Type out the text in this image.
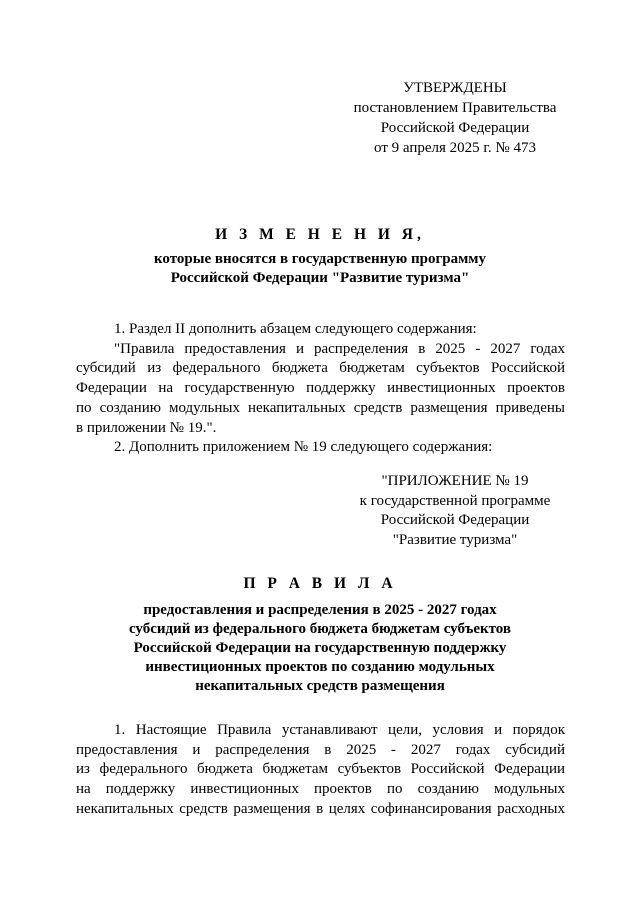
УТВЕРЖДЕНЫ
постановлением Правительства
Российской Федерации
от 9 апреля 2025 г. № 473
И З М Е Н Е Н И Я,
которые вносятся в государственную программу
Российской Федерации "Развитие туризма"
1. Раздел II дополнить абзацем следующего содержания:
"Правила предоставления и распределения в 2025 - 2027 годах
субсидий из федерального бюджета бюджетам субъектов Российской
Федерации на государственную поддержку инвестиционных проектов
по созданию модульных некапитальных средств размещения приведены
в приложении № 19.".
2. Дополнить приложением № 19 следующего содержания:
"ПРИЛОЖЕНИЕ № 19
к государственной программе
Российской Федерации
"Развитие туризма"
П Р А В И Л А
предоставления и распределения в 2025 - 2027 годах
субсидий из федерального бюджета бюджетам субъектов
Российской Федерации на государственную поддержку
инвестиционных проектов по созданию модульных
некапитальных средств размещения
1. Настоящие Правила устанавливают цели, условия и порядок
предоставления и распределения в 2025 - 2027 годах субсидий
из федерального бюджета бюджетам субъектов Российской Федерации
на поддержку инвестиционных проектов по созданию модульных
некапитальных средств размещения в целях софинансирования расходных
